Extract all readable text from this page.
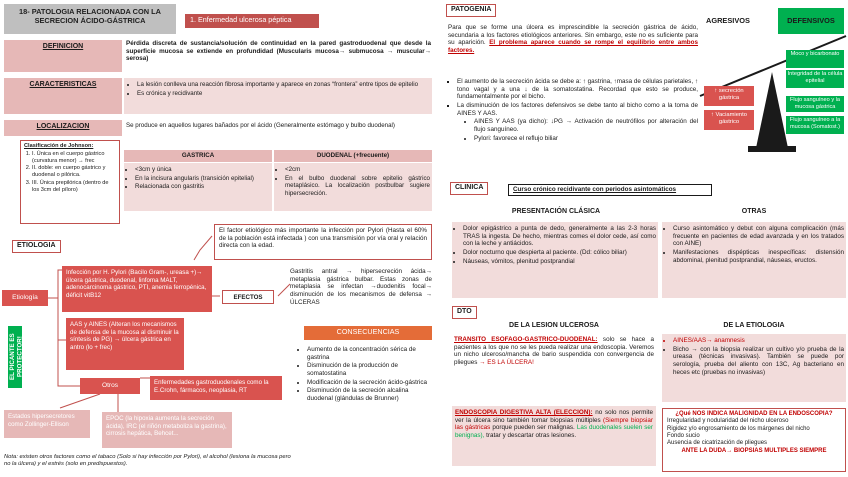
18- PATOLOGIA RELACIONADA CON LA SECRECION ÁCIDO-GÁSTRICA	1. Enfermedad ulcerosa péptica
DEFINICION	Pérdida discreta de sustancia/solución de continuidad en la pared gastroduodenal que desde la superficie mucosa se extiende en profundidad (Muscularis mucosa→ submucosa → muscular→ serosa)
CARACTERISTICAS
•	La lesión conlleva una reacción fibrosa importante y aparece en zonas “frontera” entre tipos de epitelio
• Es crónica y recidivante
LOCALIZACION	Se produce en aquellos lugares bañados por el ácido (Generalmente estómago y bulbo duodenal)
Clasificación de Johnson:
1. I. Única en el cuerpo gástrico (curvatura menor) → frec
2. II. doble: en cuerpo gástrico y duodenal o pilórica.
3. III. Única prepilórica (dentro de los 3cm del píloro)
GASTRICA	DUODENAL (+frecuente)
• <3cm y única
• En la incisura angularis (transición epitelial)
• Relacionada con gastritis
• <2cm
• En el bulbo duodenal sobre epitelio gástrico metaplásico. La localización postbulbar sugiere hipersecreción.
El factor etiológico más importante la infección por Pylori (Hasta el 60% de la población está infectada ) con una transmisión por vía oral y relación directa con la edad.
ETIOLOGIA
Etiología
Infección por H. Pylori (Bacilo Gram-, ureasa +)→ úlcera gástrica, duodenal, linfoma MALT, adenocarcinoma gástrico, PTI, anemia ferropénica, déficit vitB12
AAS y AINES (Alteran los mecanismos de defensa de la mucosa al disminuir la síntesis de PG) → úlcera gástrica en antro (lo + frec)
EL PICANTE ES PROTECTOR!
Otros	Enfermedades gastroduodenales como la E.Crohn, fármacos, neoplasia, RT
Estados hipersecretores como Zollinger-Ellison
EPOC (la hipoxia aumenta la secreción ácida), IRC (el riñón metaboliza la gastrina), cirrosis hepática, Behcet...
Nota: existen otros factores como el tabaco (Solo si hay infección por Pylori), el alcohol (lesiona la mucosa pero no la úlcera) y el estrés (solo en predispuestos).
EFECTOS
Gastritis antral → hipersecreción ácida→ metaplasia gástrica bulbar. Estas zonas de metaplasia se infectan →duodenitis focal→ disminución de los mecanismos de defensa → ÚLCERAS
CONSECUENCIAS
• Aumento de la concentración sérica de gastrina
• Disminución de la producción de somatostatina
• Modificación de la secreción ácido-gástrica
• Disminución de la secreción alcalina duodenal (glándulas de Brunner)
PATOGENIA
Para que se forme una úlcera es imprescindible la secreción gástrica de ácido, secundaria a los factores etiológicos anteriores. Sin embargo, este no es suficiente para su aparición. El problema aparece cuando se rompe el equilibrio entre ambos factores.
▪ El aumento de la secreción ácida se debe a: ↑ gastrina, ↑masa de células parietales, ↑ tono vagal y a una ↓ de la somatostatina. Recordad que esto se produce, fundamentalmente por el bicho.
▪ La disminución de los factores defensivos se debe tanto al bicho como a la toma de AINES Y AAS.
• AINES Y AAS (ya dicho): ↓PG → Activación de neutrófilos por alteración del flujo sanguíneo.
• Pylori: favorece el reflujo biliar
AGRESIVOS	DEFENSIVOS
↑ secreción gástrica
↑ Vaciamiento gástrico
Moco y bicarbonato
Integridad de la célula epitelial
Flujo sanguíneo y la mucosa gástrica
Flujo sanguíneo a la mucosa (Somatost.)
CLINICA	Curso crónico recidivante con periodos asintomáticos
PRESENTACIÓN CLÁSICA	OTRAS
• Dolor epigástrico a punta de dedo, generalmente a las 2-3 horas TRAS la ingesta. De hecho, mientras comes el dolor cede, así como con la leche y antiácidos.
• Dolor nocturno que despierta al paciente. (Dd: cólico biliar)
• Náuseas, vómitos, plenitud postprandial
• Curso asintomático y debut con alguna complicación (más frecuente en pacientes de edad avanzada y en los tratados con AINE)
• Manifestaciones dispépticas inespecíficas: distensión abdominal, plenitud postprandial, náuseas, eructos.
DTO
DE LA LESION ULCEROSA	DE LA ETIOLOGIA
TRANSITO ESOFAGO-GASTRICO-DUODENAL: solo se hace a pacientes a los que no se les pueda realizar una endoscopia. Veremos un nicho ulceroso/mancha de bario suspendida con convergencia de pliegues → ES LA ÚLCERA!
ENDOSCOPIA DIGESTIVA ALTA (ELECCION): no solo nos permite ver la úlcera sino también tomar biopsias múltiples (Siempre biopsiar las gástricas porque pueden ser malignas. Las duodenales suelen ser benignas), tratar y descartar otras lesiones.
• AINES/AAS→ anamnesis
• Bicho → con la biopsia realizar un cultivo y/o prueba de la ureasa (técnicas invasivas). También se puede por serología, prueba del aliento con 13C, Ag bacteriano en heces etc (pruebas no invasivas)
¿Qué NOS INDICA MALIGNIDAD EN LA ENDOSCOPIA?
Irregularidad y nodularidad del nicho ulceroso
Rigidez y/o engrosamiento de los márgenes del nicho
Fondo sucio
Ausencia de cicatrización de pliegues
ANTE LA DUDA→ BIOPSIAS MULTIPLES SIEMPRE
